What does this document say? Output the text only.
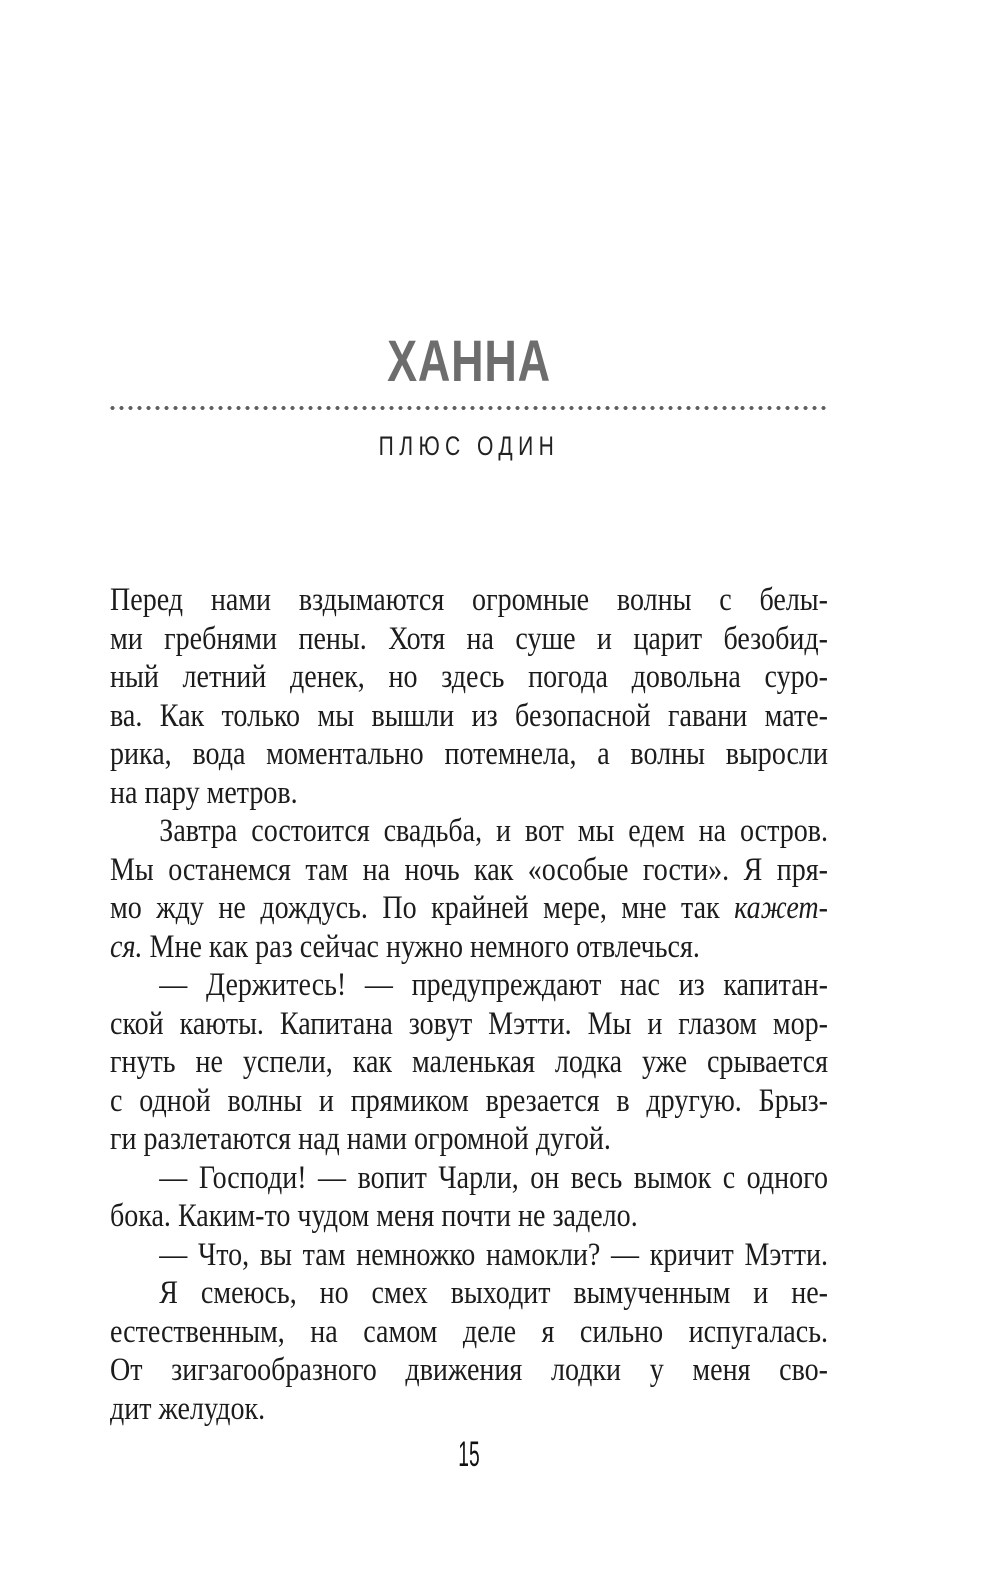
ХАННА
ПЛЮС ОДИН
Перед нами вздымаются огромные волны с белы-
ми гребнями пены. Хотя на суше и царит безобид-
ный летний денек, но здесь погода довольна суро-
ва. Как только мы вышли из безопасной гавани мате-
рика, вода моментально потемнела, а волны выросли
на пару метров.
Завтра состоится свадьба, и вот мы едем на остров.
Мы останемся там на ночь как «особые гости». Я пря-
мо жду не дождусь. По крайней мере, мне так кажет-
ся. Мне как раз сейчас нужно немного отвлечься.
— Держитесь! — предупреждают нас из капитан-
ской каюты. Капитана зовут Мэтти. Мы и глазом мор-
гнуть не успели, как маленькая лодка уже срывается
с одной волны и прямиком врезается в другую. Брыз-
ги разлетаются над нами огромной дугой.
— Господи! — вопит Чарли, он весь вымок с одного
бока. Каким-то чудом меня почти не задело.
— Что, вы там немножко намокли? — кричит Мэтти.
Я смеюсь, но смех выходит вымученным и не-
естественным, на самом деле я сильно испугалась.
От зигзагообразного движения лодки у меня сво-
дит желудок.
15
